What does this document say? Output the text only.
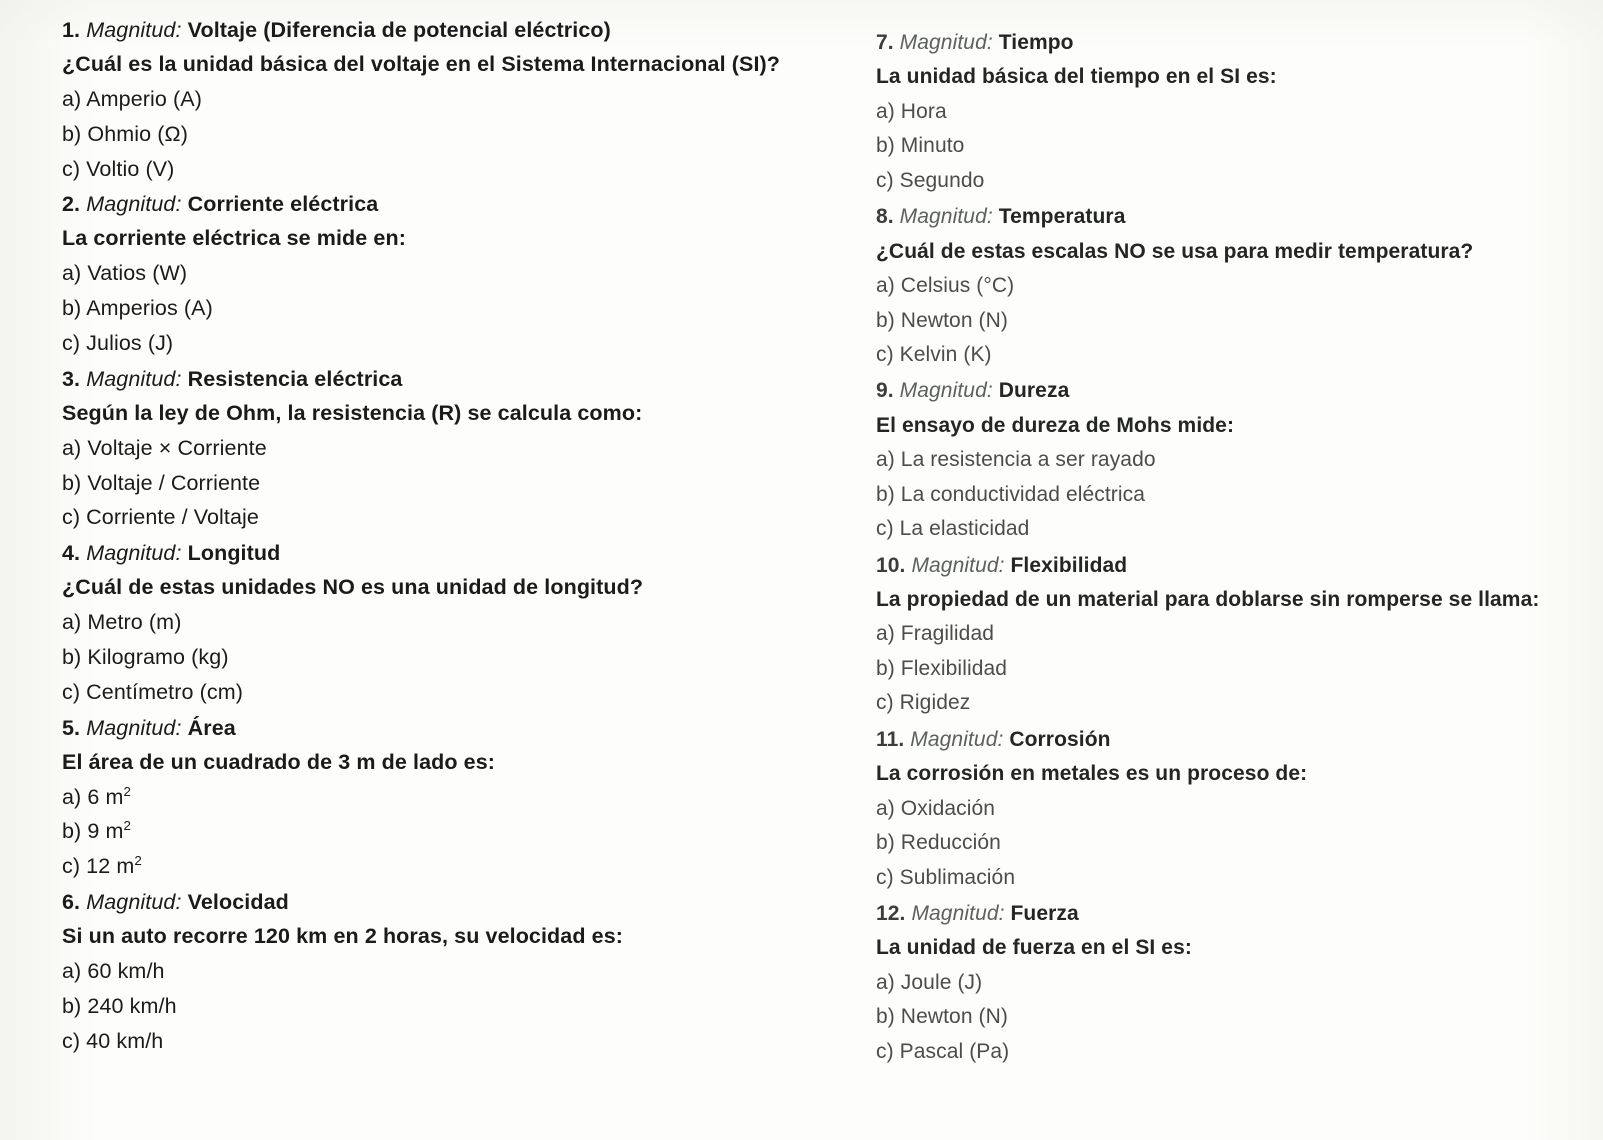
1. Magnitud: Voltaje (Diferencia de potencial eléctrico)

¿Cuál es la unidad básica del voltaje en el Sistema Internacional (SI)?

a) Amperio (A)

b) Ohmio (Ω)

c) Voltio (V)

2. Magnitud: Corriente eléctrica

La corriente eléctrica se mide en:

a) Vatios (W)

b) Amperios (A)

c) Julios (J)

3. Magnitud: Resistencia eléctrica

Según la ley de Ohm, la resistencia (R) se calcula como:

a) Voltaje × Corriente

b) Voltaje / Corriente

c) Corriente / Voltaje

4. Magnitud: Longitud

¿Cuál de estas unidades NO es una unidad de longitud?

a) Metro (m)

b) Kilogramo (kg)

c) Centímetro (cm)

5. Magnitud: Área

El área de un cuadrado de 3 m de lado es:

a) 6 $m^2$

b) 9 $m^2$

c) 12 $m^2$

6. Magnitud: Velocidad

Si un auto recorre 120 km en 2 horas, su velocidad es:

a) 60 km/h

b) 240 km/h

c) 40 km/h

7. Magnitud: Tiempo

La unidad básica del tiempo en el SI es:

a) Hora

b) Minuto

c) Segundo

8. Magnitud: Temperatura

¿Cuál de estas escalas NO se usa para medir temperatura?

a) Celsius (°C)

b) Newton (N)

c) Kelvin (K)

9. Magnitud: Dureza

El ensayo de dureza de Mohs mide:

a) La resistencia a ser rayado

b) La conductividad eléctrica

c) La elasticidad

10. Magnitud: Flexibilidad

La propiedad de un material para doblarse sin romperse se llama:

a) Fragilidad

b) Flexibilidad

c) Rigidez

11. Magnitud: Corrosión

La corrosión en metales es un proceso de:

a) Oxidación

b) Reducción

c) Sublimación

12. Magnitud: Fuerza

La unidad de fuerza en el SI es:

a) Joule (J)

b) Newton (N)

c) Pascal (Pa)
